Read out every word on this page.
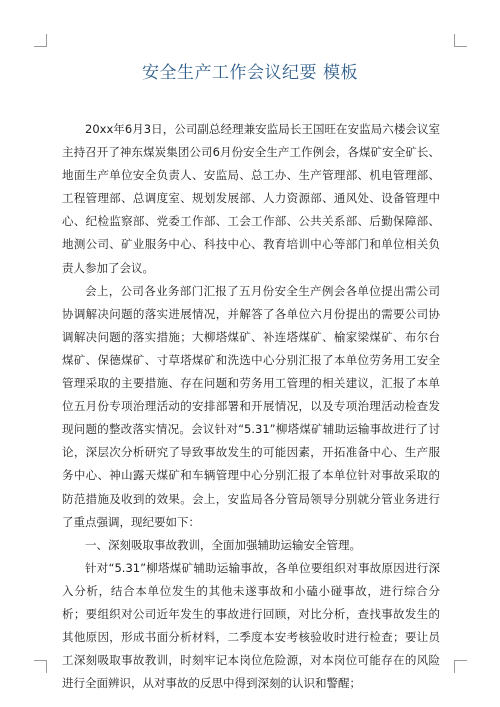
安全生产工作会议纪要 模板

20xx年6月3日，公司副总经理兼安监局长王国旺在安监局六楼会议室主持召开了神东煤炭集团公司6月份安全生产工作例会，各煤矿安全矿长、地面生产单位安全负责人、安监局、总工办、生产管理部、机电管理部、工程管理部、总调度室、规划发展部、人力资源部、通风处、设备管理中心、纪检监察部、党委工作部、工会工作部、公共关系部、后勤保障部、地测公司、矿业服务中心、科技中心、教育培训中心等部门和单位相关负责人参加了会议。

会上，公司各业务部门汇报了五月份安全生产例会各单位提出需公司协调解决问题的落实进展情况，并解答了各单位六月份提出的需要公司协调解决问题的落实措施；大柳塔煤矿、补连塔煤矿、榆家梁煤矿、布尔台煤矿、保德煤矿、寸草塔煤矿和洗选中心分别汇报了本单位劳务用工安全管理采取的主要措施、存在问题和劳务用工管理的相关建议，汇报了本单位五月份专项治理活动的安排部署和开展情况，以及专项治理活动检查发现问题的整改落实情况。会议针对“5.31”柳塔煤矿辅助运输事故进行了讨论，深层次分析研究了导致事故发生的可能因素，开拓准备中心、生产服务中心、神山露天煤矿和车辆管理中心分别汇报了本单位针对事故采取的防范措施及收到的效果。会上，安监局各分管局领导分别就分管业务进行了重点强调，现纪要如下：

一、深刻吸取事故教训，全面加强辅助运输安全管理。

针对“5.31”柳塔煤矿辅助运输事故，各单位要组织对事故原因进行深入分析，结合本单位发生的其他未遂事故和小磕小碰事故，进行综合分析；要组织对公司近年发生的事故进行回顾，对比分析，查找事故发生的其他原因，形成书面分析材料，二季度本安考核验收时进行检查；要让员工深刻吸取事故教训，时刻牢记本岗位危险源，对本岗位可能存在的风险进行全面辨识，从对事故的反思中得到深刻的认识和警醒；
